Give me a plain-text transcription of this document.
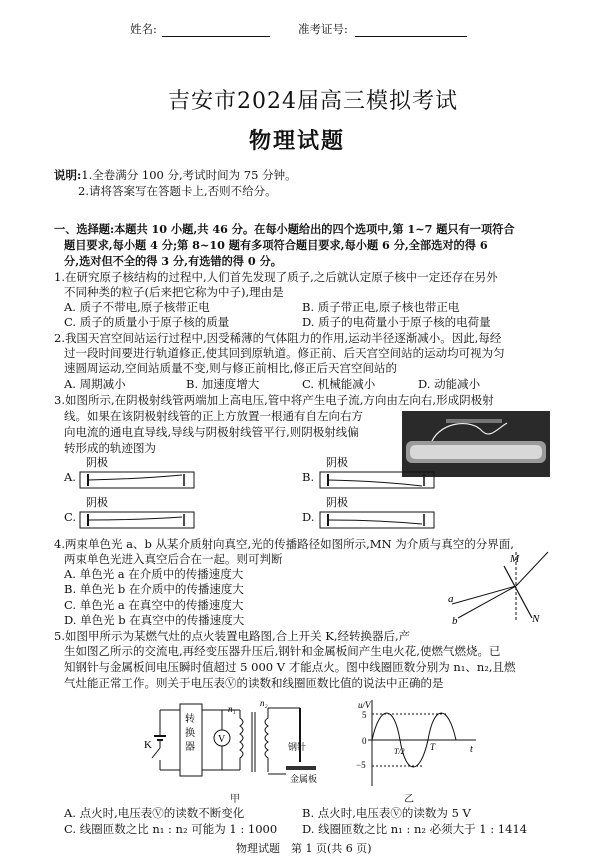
姓名:	准考证号:
吉安市2024届高三模拟考试
物理试题
说明:1.全卷满分 100 分,考试时间为 75 分钟。
2.请将答案写在答题卡上,否则不给分。
一、选择题:本题共 10 小题,共 46 分。在每小题给出的四个选项中,第 1~7 题只有一项符合
题目要求,每小题 4 分;第 8~10 题有多项符合题目要求,每小题 6 分,全部选对的得 6
分,选对但不全的得 3 分,有选错的得 0 分。
1.在研究原子核结构的过程中,人们首先发现了质子,之后就认定原子核中一定还存在另外
不同种类的粒子(后来把它称为中子),理由是
A. 质子不带电,原子核带正电	B. 质子带正电,原子核也带正电
C. 质子的质量小于原子核的质量	D. 质子的电荷量小于原子核的电荷量
2.我国天宫空间站运行过程中,因受稀薄的气体阻力的作用,运动半径逐渐减小。因此,每经
过一段时间要进行轨道修正,使其回到原轨道。修正前、后天宫空间站的运动均可视为匀
速圆周运动,空间站质量不变,则与修正前相比,修正后天宫空间站的
A. 周期减小	B. 加速度增大	C. 机械能减小	D. 动能减小
3.如图所示,在阴极射线管两端加上高电压,管中将产生电子流,方向由左向右,形成阴极射
线。如果在该阴极射线管的正上方放置一根通有自左向右方
向电流的通电直导线,导线与阴极射线管平行,则阴极射线偏
转形成的轨迹图为
A.
阴极
B.
阴极
C.
阴极
D.
阴极
4.两束单色光 a、b 从某介质射向真空,光的传播路径如图所示,MN 为介质与真空的分界面,
两束单色光进入真空后合在一起。则可判断
A. 单色光 a 在介质中的传播速度大
B. 单色光 b 在介质中的传播速度大
C. 单色光 a 在真空中的传播速度大
D. 单色光 b 在真空中的传播速度大
M
N
a
b
5.如图甲所示为某燃气灶的点火装置电路图,合上开关 K,经转换器后,产
生如图乙所示的交流电,再经变压器升压后,钢针和金属板间产生电火花,使燃气燃烧。已
知钢针与金属板间电压瞬时值超过 5 000 V 才能点火。图中线圈匝数分别为 n₁、n₂,且燃
气灶能正常工作。则关于电压表Ⓥ的读数和线圈匝数比值的说法中正确的是
K
转
换
器
V
n₁
n₂
钢针
金属板
甲
u/V
t
0
5
−5
T/2	T
乙
A. 点火时,电压表Ⓥ的读数不断变化	B. 点火时,电压表Ⓥ的读数为 5 V
C. 线圈匝数之比 n₁ : n₂ 可能为 1 : 1000 D. 线圈匝数之比 n₁ : n₂ 必须大于 1 : 1414
物理试题　第 1 页(共 6 页)
